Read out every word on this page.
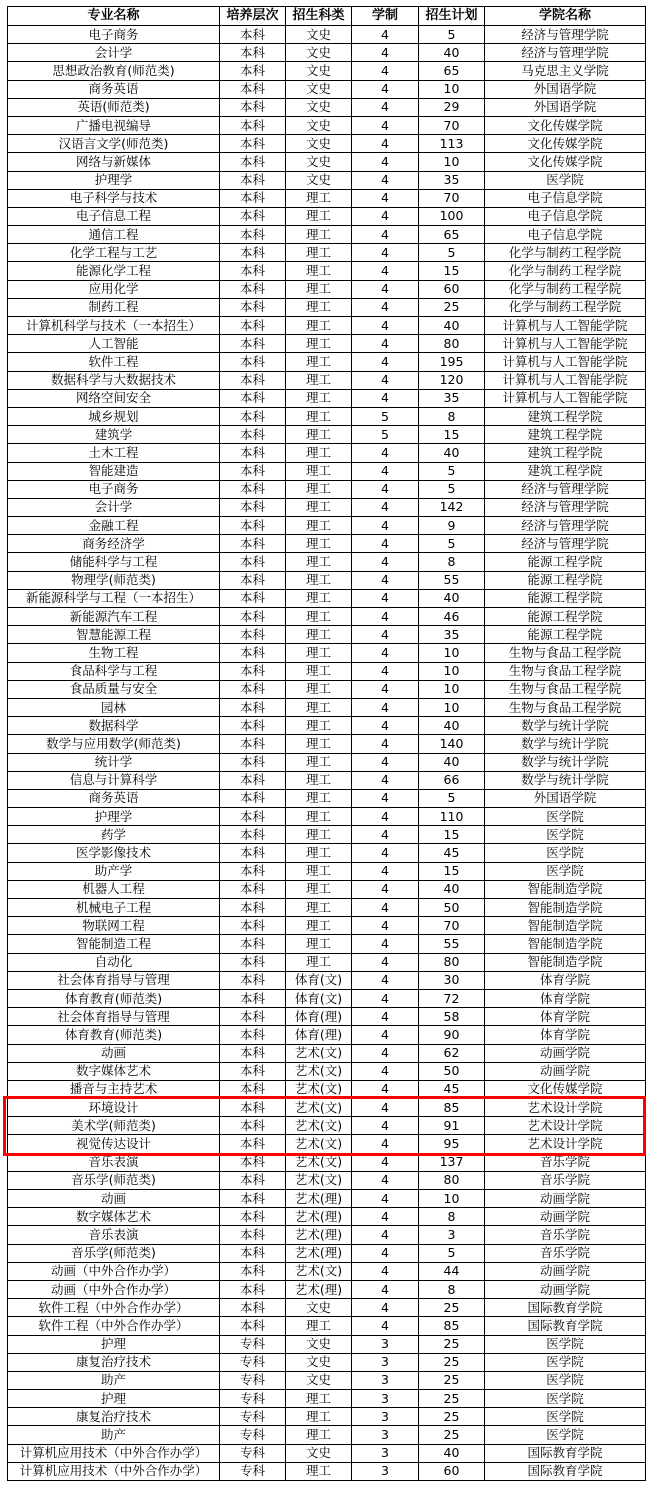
专业名称	培养层次	招生科类	学制	招生计划	学院名称
电子商务	本科	文史	4	5	经济与管理学院
会计学	本科	文史	4	40	经济与管理学院
思想政治教育(师范类)	本科	文史	4	65	马克思主义学院
商务英语	本科	文史	4	10	外国语学院
英语(师范类)	本科	文史	4	29	外国语学院
广播电视编导	本科	文史	4	70	文化传媒学院
汉语言文学(师范类)	本科	文史	4	113	文化传媒学院
网络与新媒体	本科	文史	4	10	文化传媒学院
护理学	本科	文史	4	35	医学院
电子科学与技术	本科	理工	4	70	电子信息学院
电子信息工程	本科	理工	4	100	电子信息学院
通信工程	本科	理工	4	65	电子信息学院
化学工程与工艺	本科	理工	4	5	化学与制药工程学院
能源化学工程	本科	理工	4	15	化学与制药工程学院
应用化学	本科	理工	4	60	化学与制药工程学院
制药工程	本科	理工	4	25	化学与制药工程学院
计算机科学与技术（一本招生）	本科	理工	4	40	计算机与人工智能学院
人工智能	本科	理工	4	80	计算机与人工智能学院
软件工程	本科	理工	4	195	计算机与人工智能学院
数据科学与大数据技术	本科	理工	4	120	计算机与人工智能学院
网络空间安全	本科	理工	4	35	计算机与人工智能学院
城乡规划	本科	理工	5	8	建筑工程学院
建筑学	本科	理工	5	15	建筑工程学院
土木工程	本科	理工	4	40	建筑工程学院
智能建造	本科	理工	4	5	建筑工程学院
电子商务	本科	理工	4	5	经济与管理学院
会计学	本科	理工	4	142	经济与管理学院
金融工程	本科	理工	4	9	经济与管理学院
商务经济学	本科	理工	4	5	经济与管理学院
储能科学与工程	本科	理工	4	8	能源工程学院
物理学(师范类)	本科	理工	4	55	能源工程学院
新能源科学与工程（一本招生）	本科	理工	4	40	能源工程学院
新能源汽车工程	本科	理工	4	46	能源工程学院
智慧能源工程	本科	理工	4	35	能源工程学院
生物工程	本科	理工	4	10	生物与食品工程学院
食品科学与工程	本科	理工	4	10	生物与食品工程学院
食品质量与安全	本科	理工	4	10	生物与食品工程学院
园林	本科	理工	4	10	生物与食品工程学院
数据科学	本科	理工	4	40	数学与统计学院
数学与应用数学(师范类)	本科	理工	4	140	数学与统计学院
统计学	本科	理工	4	40	数学与统计学院
信息与计算科学	本科	理工	4	66	数学与统计学院
商务英语	本科	理工	4	5	外国语学院
护理学	本科	理工	4	110	医学院
药学	本科	理工	4	15	医学院
医学影像技术	本科	理工	4	45	医学院
助产学	本科	理工	4	15	医学院
机器人工程	本科	理工	4	40	智能制造学院
机械电子工程	本科	理工	4	50	智能制造学院
物联网工程	本科	理工	4	70	智能制造学院
智能制造工程	本科	理工	4	55	智能制造学院
自动化	本科	理工	4	80	智能制造学院
社会体育指导与管理	本科	体育(文)	4	30	体育学院
体育教育(师范类)	本科	体育(文)	4	72	体育学院
社会体育指导与管理	本科	体育(理)	4	58	体育学院
体育教育(师范类)	本科	体育(理)	4	90	体育学院
动画	本科	艺术(文)	4	62	动画学院
数字媒体艺术	本科	艺术(文)	4	50	动画学院
播音与主持艺术	本科	艺术(文)	4	45	文化传媒学院
环境设计	本科	艺术(文)	4	85	艺术设计学院
美术学(师范类)	本科	艺术(文)	4	91	艺术设计学院
视觉传达设计	本科	艺术(文)	4	95	艺术设计学院
音乐表演	本科	艺术(文)	4	137	音乐学院
音乐学(师范类)	本科	艺术(文)	4	80	音乐学院
动画	本科	艺术(理)	4	10	动画学院
数字媒体艺术	本科	艺术(理)	4	8	动画学院
音乐表演	本科	艺术(理)	4	3	音乐学院
音乐学(师范类)	本科	艺术(理)	4	5	音乐学院
动画（中外合作办学）	本科	艺术(文)	4	44	动画学院
动画（中外合作办学）	本科	艺术(理)	4	8	动画学院
软件工程（中外合作办学）	本科	文史	4	25	国际教育学院
软件工程（中外合作办学）	本科	理工	4	85	国际教育学院
护理	专科	文史	3	25	医学院
康复治疗技术	专科	文史	3	25	医学院
助产	专科	文史	3	25	医学院
护理	专科	理工	3	25	医学院
康复治疗技术	专科	理工	3	25	医学院
助产	专科	理工	3	25	医学院
计算机应用技术（中外合作办学）	专科	文史	3	40	国际教育学院
计算机应用技术（中外合作办学）	专科	理工	3	60	国际教育学院
